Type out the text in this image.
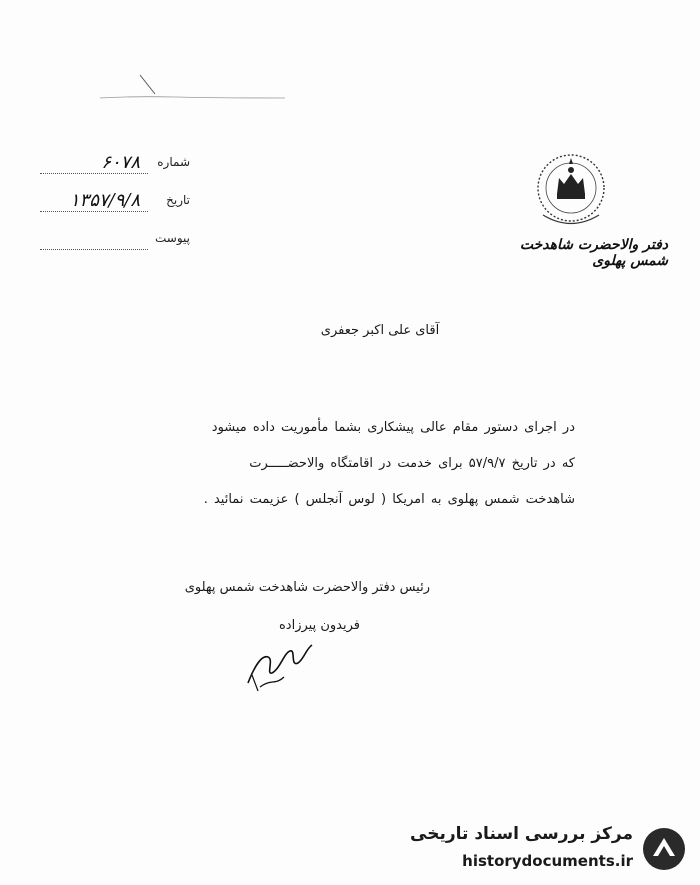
شماره
۶۰۷۸
تاریخ
۱۳۵۷/۹/۸
پیوست	دفتر والاحضرت شاهدخت شمس پهلوی
آقای علی اکبر جعفری
در اجرای دستور مقام عالی پیشکاری بشما مأموریت داده میشود
که در تاریخ ۵۷/۹/۷ برای خدمت در اقامتگاه والاحضـــــرت
شاهدخت شمس پهلوی به امریکا ( لوس آنجلس ) عزیمت نمائید .
رئیس دفتر والاحضرت شاهدخت شمس پهلوی
فریدون پیرزاده
مرکز بررسی اسناد تاریخی
historydocuments.ir
